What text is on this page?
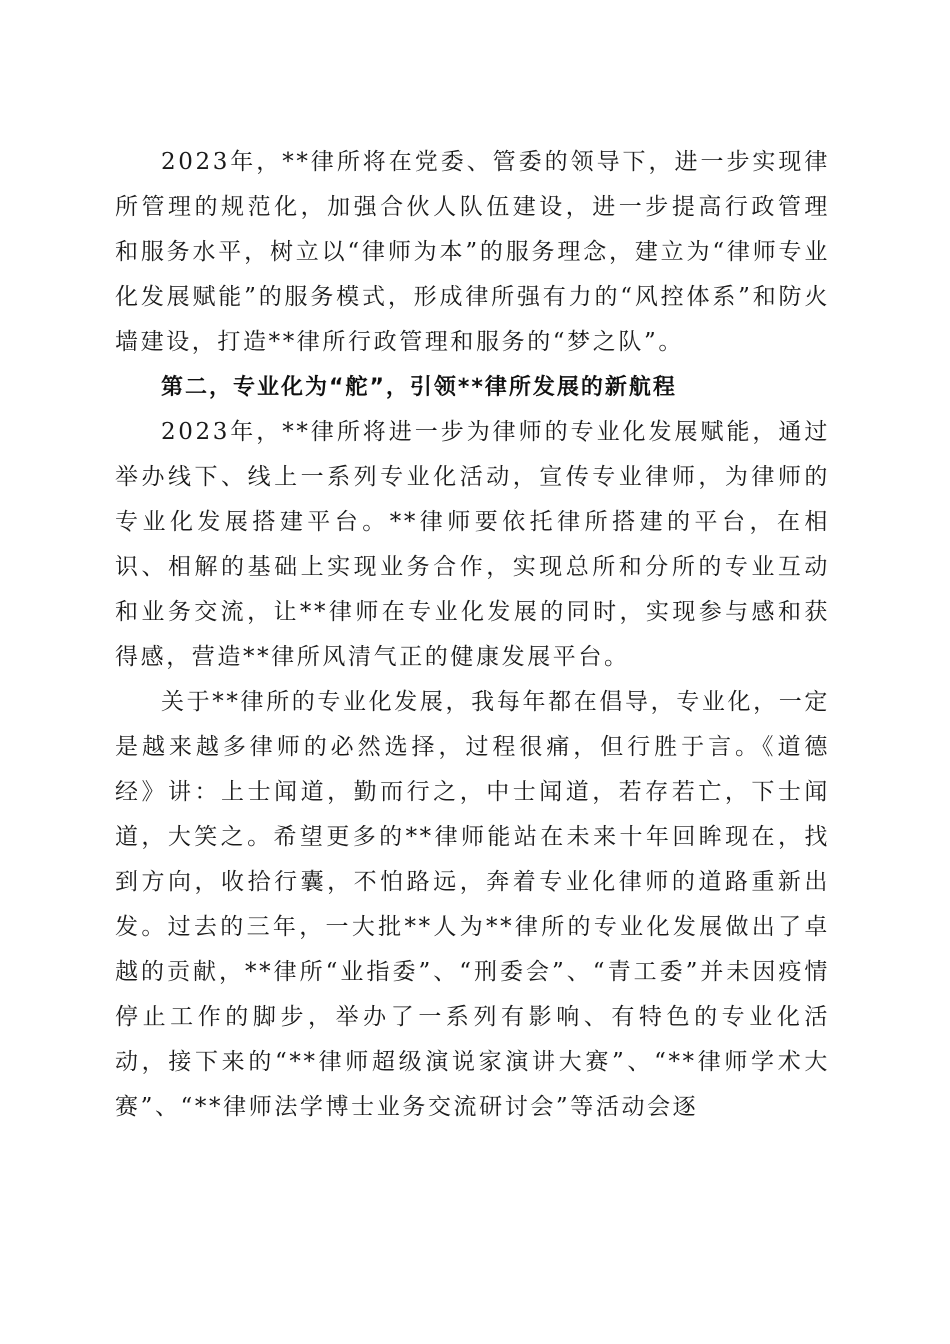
2023年，**律所将在党委、管委的领导下，进一步实现律所管理的规范化，加强合伙人队伍建设，进一步提高行政管理和服务水平，树立以“律师为本”的服务理念，建立为“律师专业化发展赋能”的服务模式，形成律所强有力的“风控体系”和防火墙建设，打造**律所行政管理和服务的“梦之队”。

第二，专业化为“舵”，引领**律所发展的新航程

2023年，**律所将进一步为律师的专业化发展赋能，通过举办线下、线上一系列专业化活动，宣传专业律师，为律师的专业化发展搭建平台。**律师要依托律所搭建的平台，在相识、相解的基础上实现业务合作，实现总所和分所的专业互动和业务交流，让**律师在专业化发展的同时，实现参与感和获得感，营造**律所风清气正的健康发展平台。

关于**律所的专业化发展，我每年都在倡导，专业化，一定是越来越多律师的必然选择，过程很痛，但行胜于言。《道德经》讲：上士闻道，勤而行之，中士闻道，若存若亡，下士闻道，大笑之。希望更多的**律师能站在未来十年回眸现在，找到方向，收拾行囊，不怕路远，奔着专业化律师的道路重新出发。过去的三年，一大批**人为**律所的专业化发展做出了卓越的贡献，**律所“业指委”、“刑委会”、“青工委”并未因疫情停止工作的脚步，举办了一系列有影响、有特色的专业化活动，接下来的“**律师超级演说家演讲大赛”、“**律师学术大赛”、“**律师法学博士业务交流研讨会”等活动会逐
